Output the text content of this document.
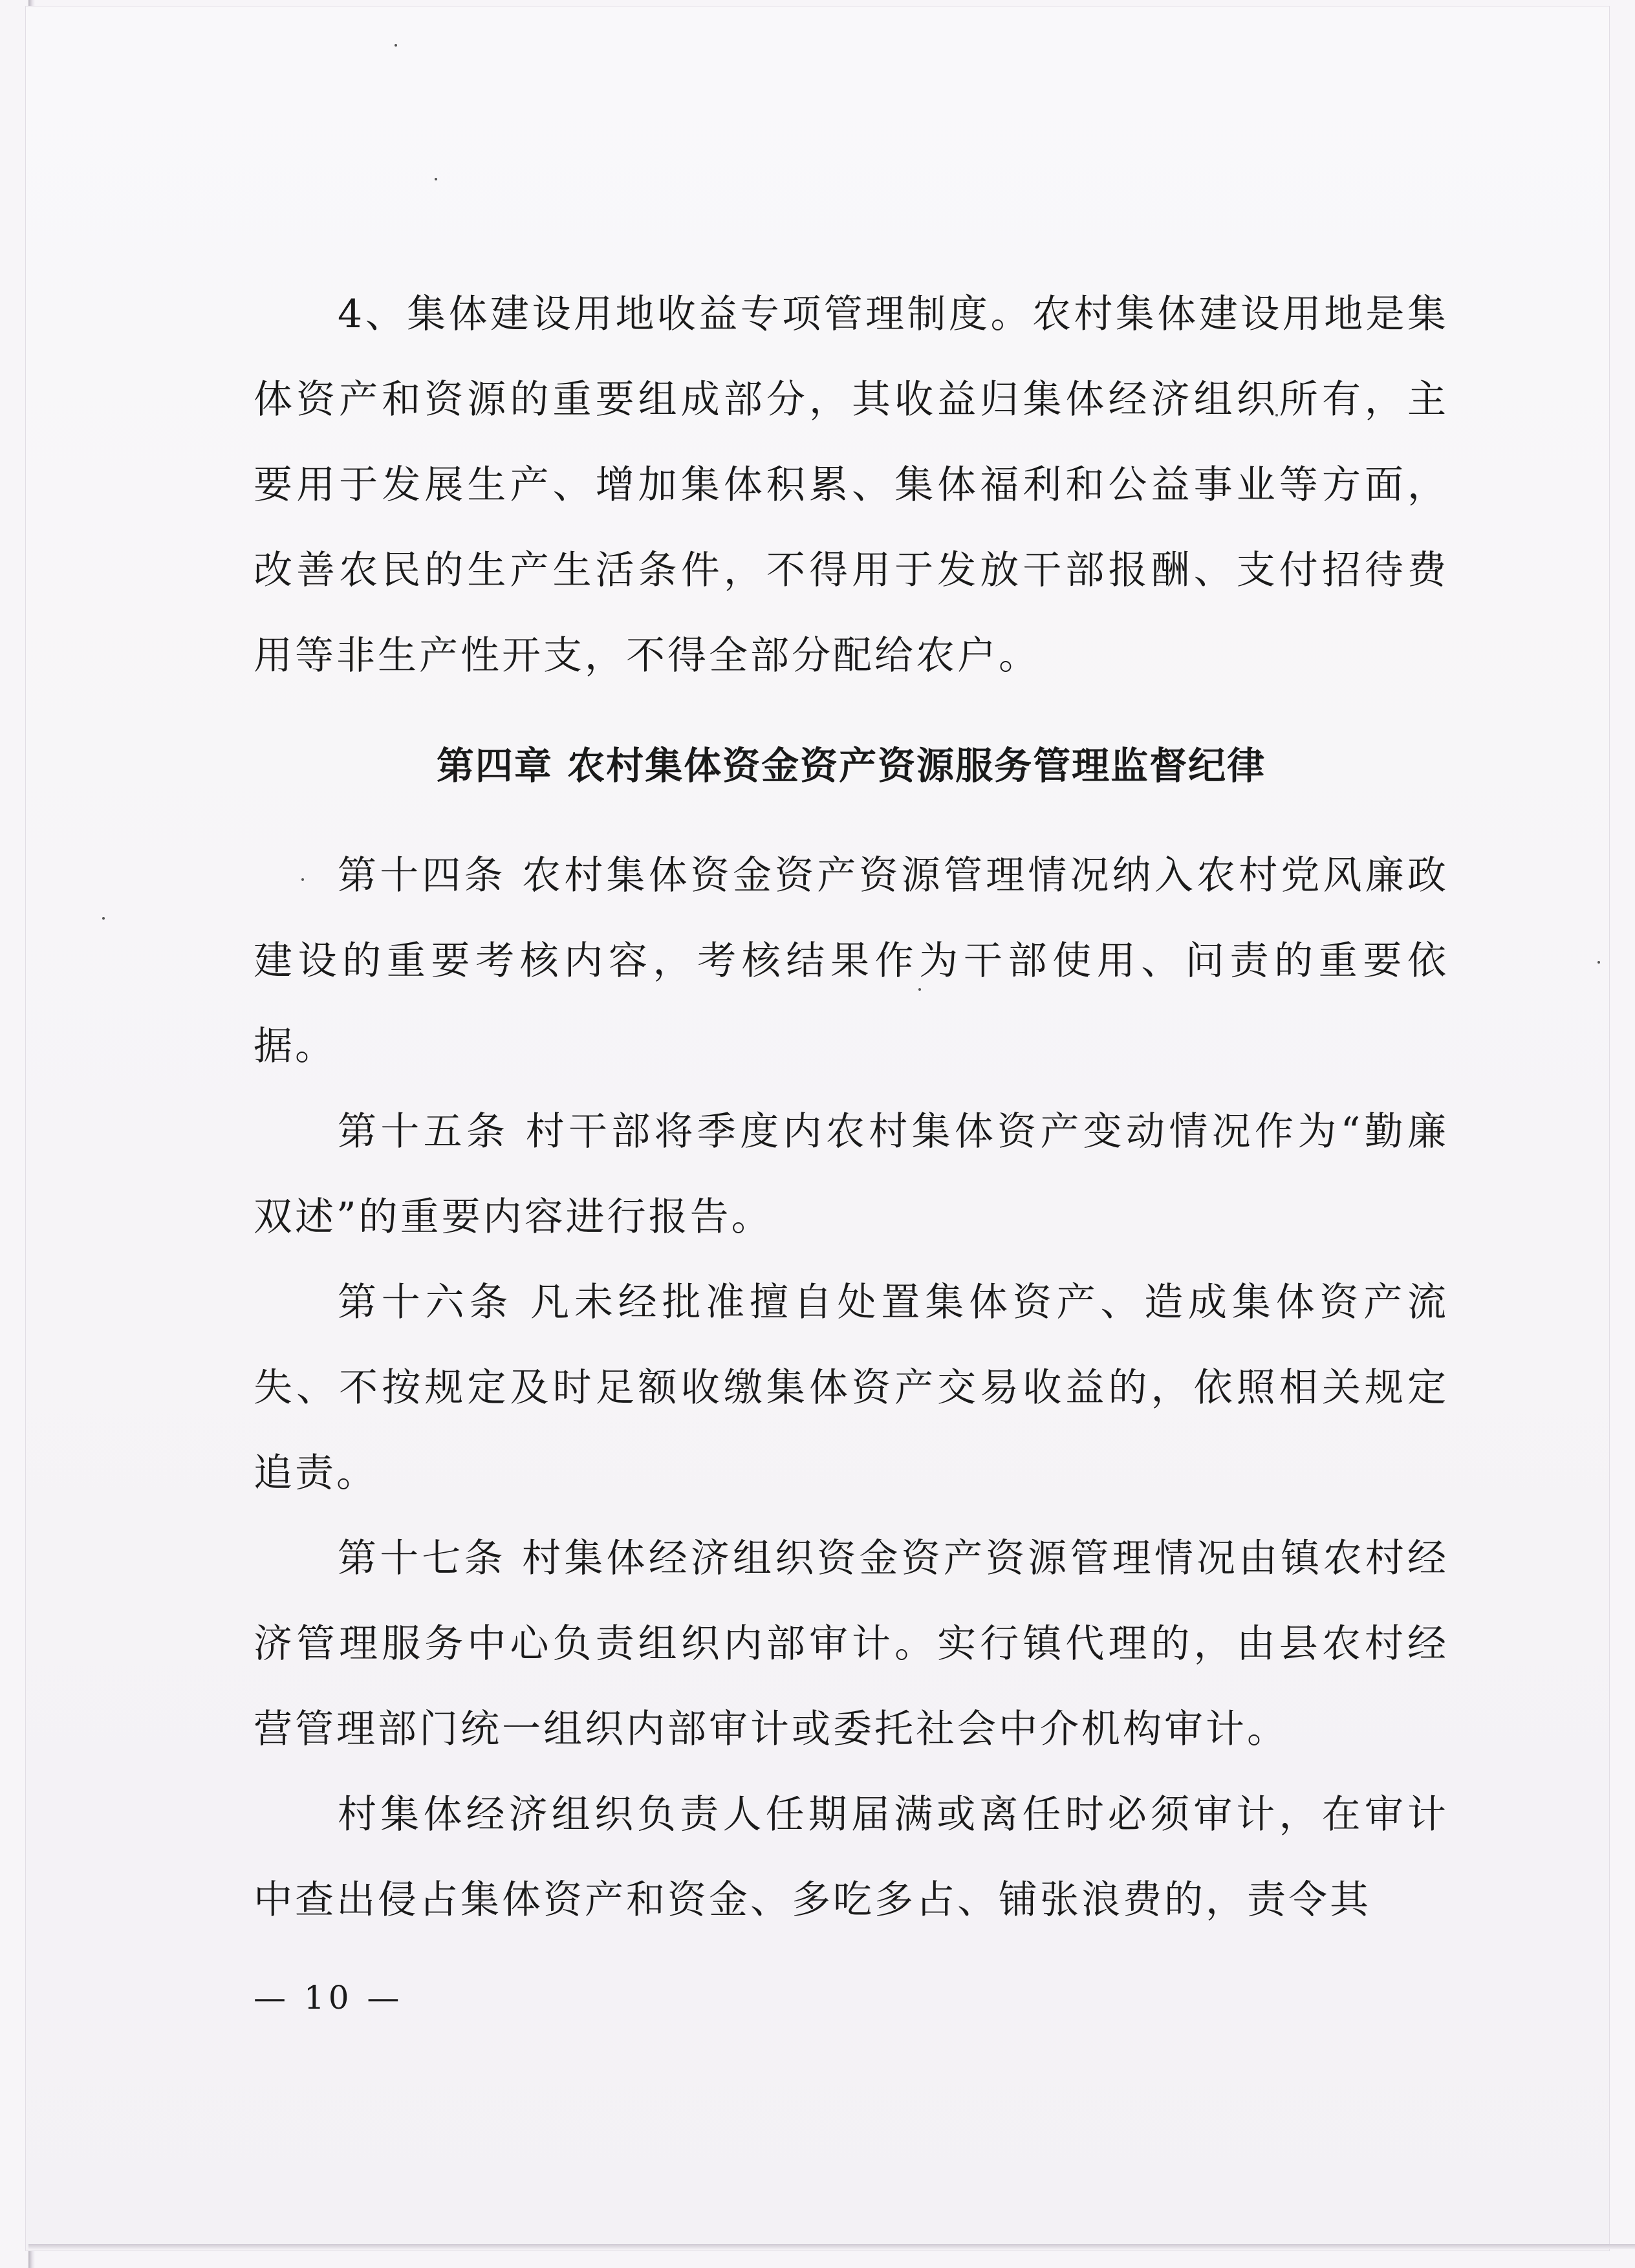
4、集体建设用地收益专项管理制度。农村集体建设用地是集体资产和资源的重要组成部分，其收益归集体经济组织所有，主要用于发展生产、增加集体积累、集体福利和公益事业等方面，改善农民的生产生活条件，不得用于发放干部报酬、支付招待费用等非生产性开支，不得全部分配给农户。

第四章 农村集体资金资产资源服务管理监督纪律

第十四条 农村集体资金资产资源管理情况纳入农村党风廉政建设的重要考核内容，考核结果作为干部使用、问责的重要依据。

第十五条 村干部将季度内农村集体资产变动情况作为“勤廉双述”的重要内容进行报告。

第十六条 凡未经批准擅自处置集体资产、造成集体资产流失、不按规定及时足额收缴集体资产交易收益的，依照相关规定追责。

第十七条 村集体经济组织资金资产资源管理情况由镇农村经济管理服务中心负责组织内部审计。实行镇代理的，由县农村经营管理部门统一组织内部审计或委托社会中介机构审计。

村集体经济组织负责人任期届满或离任时必须审计，在审计中查出侵占集体资产和资金、多吃多占、铺张浪费的，责令其

— 10 —
